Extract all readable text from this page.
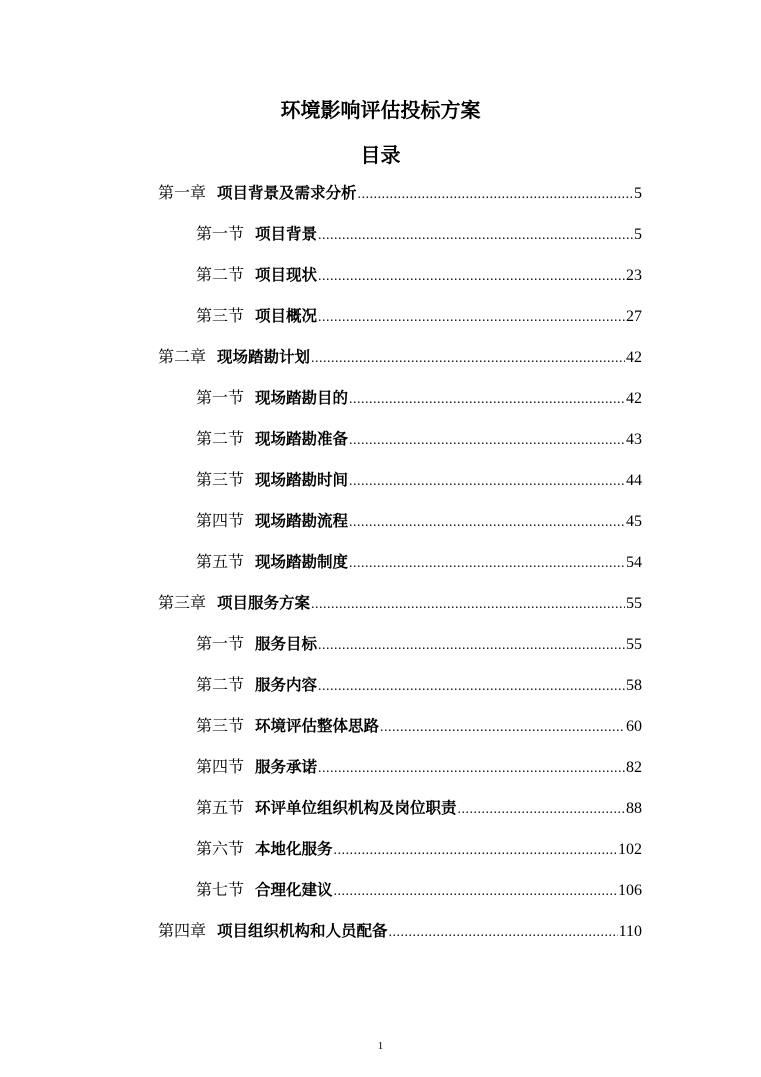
环境影响评估投标方案
目录
第一章 项目背景及需求分析 .....	5
第一节 项目背景 .....	5
第二节 项目现状 .....	23
第三节 项目概况 .....	27
第二章 现场踏勘计划 .....	42
第一节 现场踏勘目的 .....	42
第二节 现场踏勘准备 .....	43
第三节 现场踏勘时间 .....	44
第四节 现场踏勘流程 .....	45
第五节 现场踏勘制度 .....	54
第三章 项目服务方案 .....	55
第一节 服务目标 .....	55
第二节 服务内容 .....	58
第三节 环境评估整体思路 .....	60
第四节 服务承诺 .....	82
第五节 环评单位组织机构及岗位职责 .....	88
第六节 本地化服务 .....	102
第七节 合理化建议 .....	106
第四章 项目组织机构和人员配备 .....	110
1
